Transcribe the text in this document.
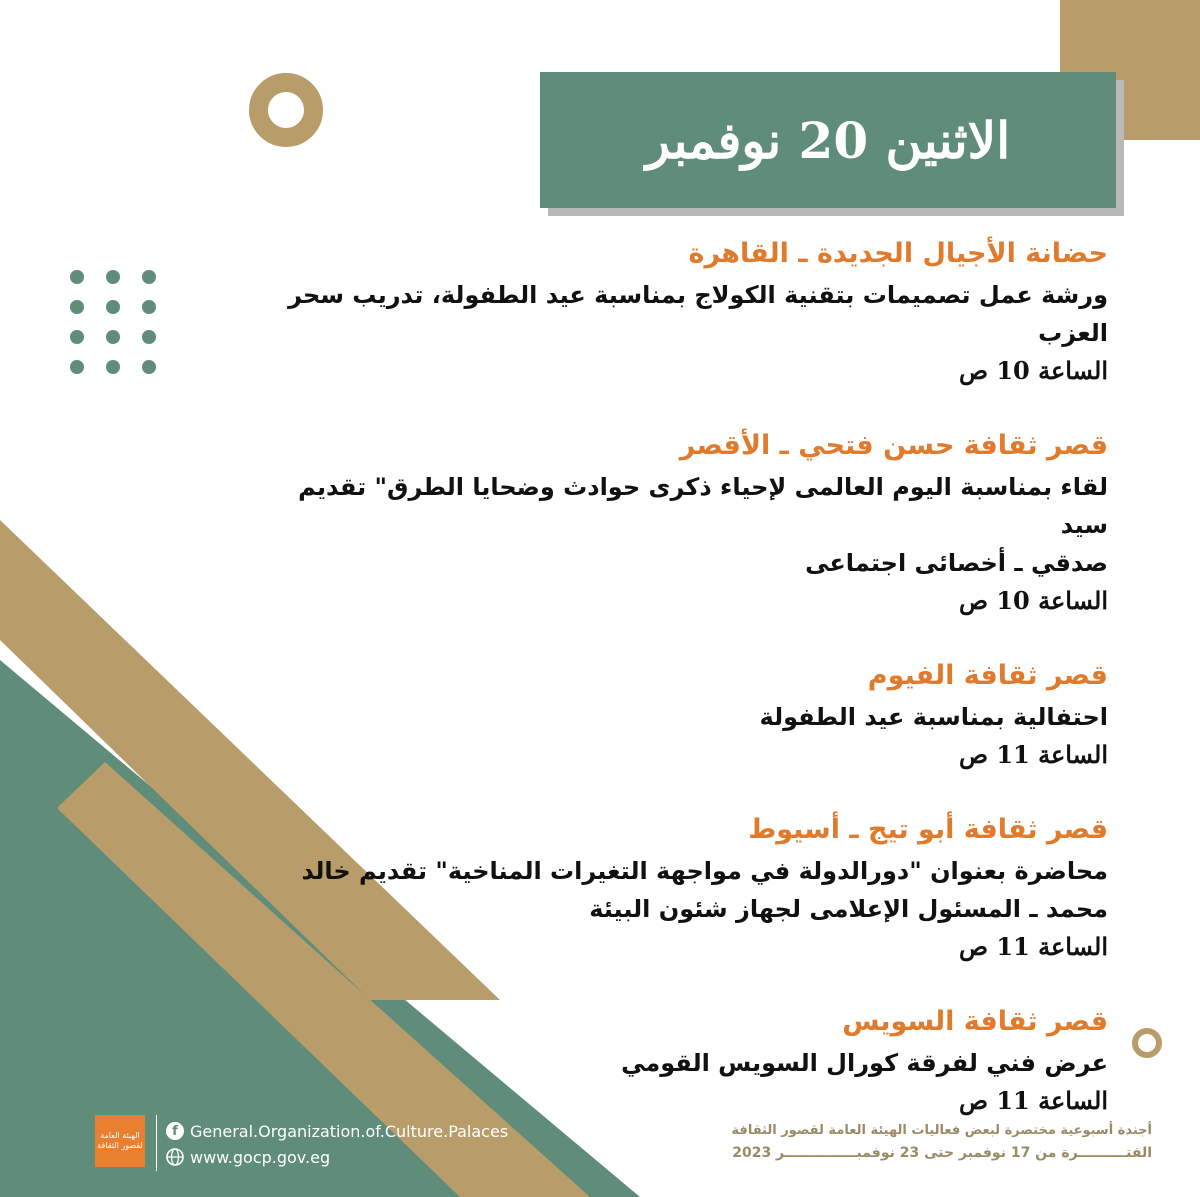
الاثنين 20 نوفمبر
حضانة الأجيال الجديدة ـ القاهرة
ورشة عمل تصميمات بتقنية الكولاج بمناسبة عيد الطفولة، تدريب سحر
العزب
الساعة 10 ص
قصر ثقافة حسن فتحي ـ الأقصر
لقاء بمناسبة اليوم العالمى لإحياء ذكرى حوادث وضحايا الطرق" تقديم سيد
صدقي ـ أخصائى اجتماعى
الساعة 10 ص
قصر ثقافة الفيوم
احتفالية بمناسبة عيد الطفولة
الساعة 11 ص
قصر ثقافة أبو تيج ـ أسيوط
محاضرة بعنوان "دورالدولة في مواجهة التغيرات المناخية" تقديم خالد
محمد ـ المسئول الإعلامى لجهاز شئون البيئة
الساعة 11 ص
قصر ثقافة السويس
عرض فني لفرقة كورال السويس القومي
الساعة 11 ص
الهيئة العامة لقصور الثقافة
f General.Organization.of.Culture.Palaces
www.gocp.gov.eg
أجندة أسبوعية مختصرة لبعض فعاليات الهيئة العامة لقصور الثقافة
الفتــــــــــرة من 17 نوفمبر حتى 23 نوفمبـــــــــــــــر 2023
